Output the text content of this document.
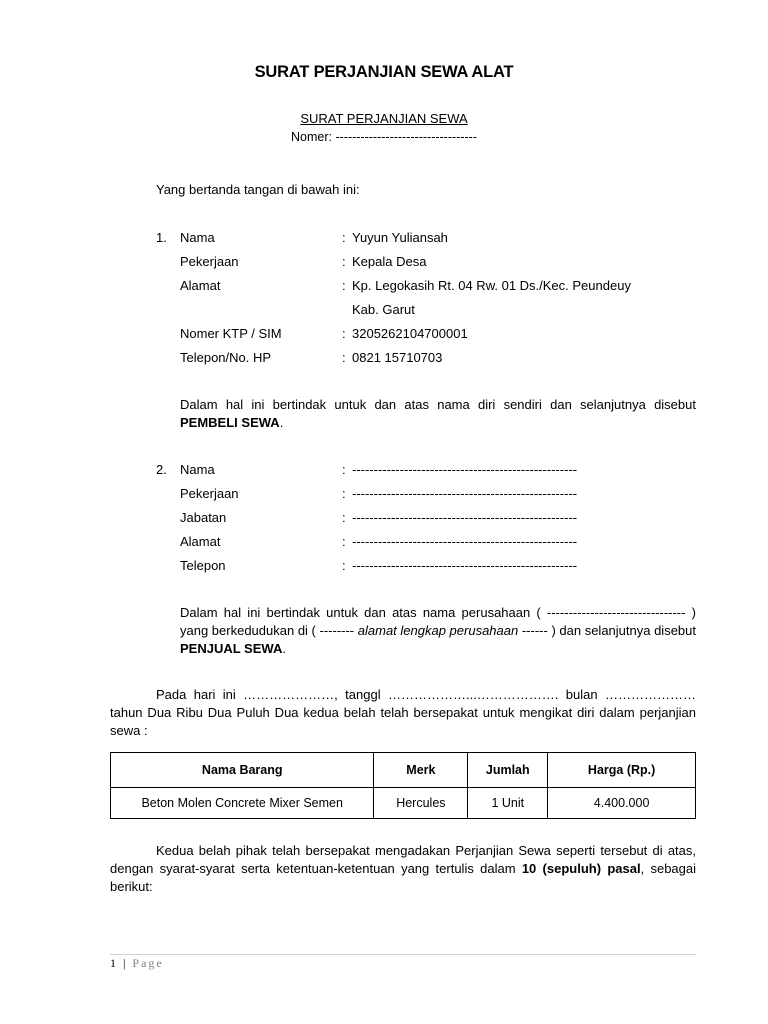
SURAT PERJANJIAN SEWA ALAT
SURAT PERJANJIAN SEWA
Nomer: ----------------------------------
Yang bertanda tangan di bawah ini:
1. Nama	: Yuyun Yuliansah
Pekerjaan	: Kepala Desa
Alamat	: Kp. Legokasih Rt. 04 Rw. 01 Ds./Kec. Peundeuy
Kab. Garut
Nomer KTP / SIM	: 3205262104700001
Telepon/No. HP	: 0821 15710703
Dalam hal ini bertindak untuk dan atas nama diri sendiri dan selanjutnya disebut PEMBELI SEWA.
2. Nama	: ----------------------------------------------------
Pekerjaan	: ----------------------------------------------------
Jabatan	: ----------------------------------------------------
Alamat	: ----------------------------------------------------
Telepon	: ----------------------------------------------------
Dalam hal ini bertindak untuk dan atas nama perusahaan ( -------------------------------- ) yang berkedudukan di ( -------- alamat lengkap perusahaan ------ ) dan selanjutnya disebut PENJUAL SEWA.
Pada hari ini …………………, tanggl ………………...………………. bulan ………………… tahun Dua Ribu Dua Puluh Dua kedua belah telah bersepakat untuk mengikat diri dalam perjanjian sewa :
Nama Barang	Merk	Jumlah	Harga (Rp.)
Beton Molen Concrete Mixer Semen	Hercules	1 Unit	4.400.000
Kedua belah pihak telah bersepakat mengadakan Perjanjian Sewa seperti tersebut di atas, dengan syarat-syarat serta ketentuan-ketentuan yang tertulis dalam 10 (sepuluh) pasal, sebagai berikut:
1 | Page
